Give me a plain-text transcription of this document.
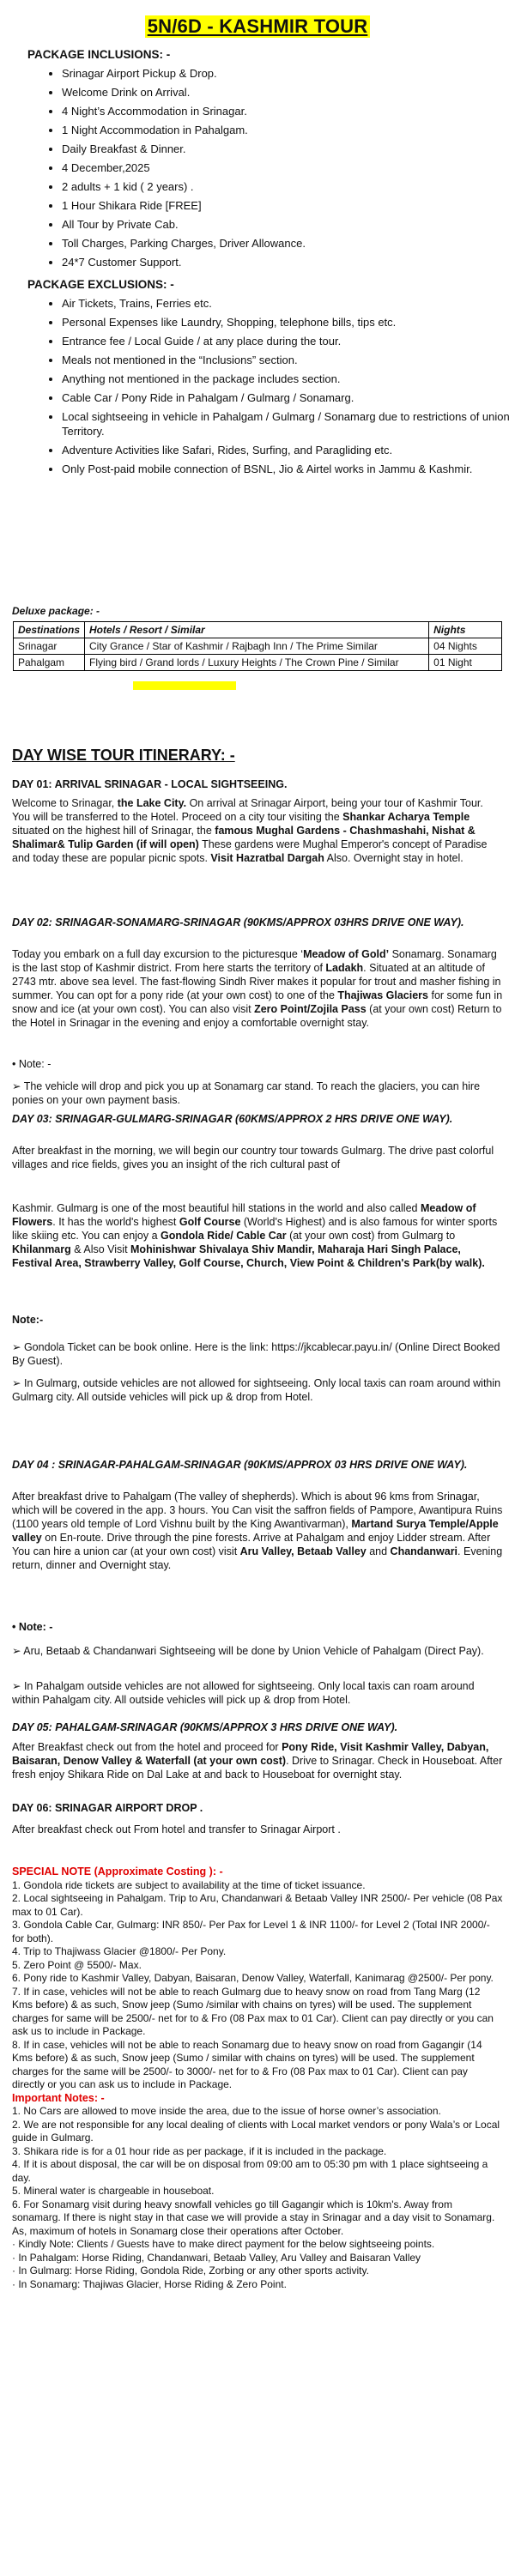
5N/6D - KASHMIR TOUR
PACKAGE INCLUSIONS: -
• Srinagar Airport Pickup & Drop.
• Welcome Drink on Arrival.
• 4 Night’s Accommodation in Srinagar.
• 1 Night Accommodation in Pahalgam.
• Daily Breakfast & Dinner.
• 4 December,2025
• 2 adults + 1 kid ( 2 years) .
• 1 Hour Shikara Ride [FREE]
• All Tour by Private Cab.
• Toll Charges, Parking Charges, Driver Allowance.
• 24*7 Customer Support.
PACKAGE EXCLUSIONS: -
• Air Tickets, Trains, Ferries etc.
• Personal Expenses like Laundry, Shopping, telephone bills, tips etc.
• Entrance fee / Local Guide / at any place during the tour.
• Meals not mentioned in the “Inclusions” section.
• Anything not mentioned in the package includes section.
• Cable Car / Pony Ride in Pahalgam / Gulmarg / Sonamarg.
• Local sightseeing in vehicle in Pahalgam / Gulmarg / Sonamarg due to restrictions of union Territory.
• Adventure Activities like Safari, Rides, Surfing, and Paragliding etc.
• Only Post-paid mobile connection of BSNL, Jio & Airtel works in Jammu & Kashmir.
Deluxe package: -
Destinations	Hotels / Resort / Similar	Nights
Srinagar	City Grance / Star of Kashmir / Rajbagh Inn / The Prime Similar	04 Nights
Pahalgam	Flying bird / Grand lords / Luxury Heights / The Crown Pine / Similar	01 Night
DAY WISE TOUR ITINERARY: -
DAY 01: ARRIVAL SRINAGAR - LOCAL SIGHTSEEING.
Welcome to Srinagar, the Lake City. On arrival at Srinagar Airport, being your tour of Kashmir Tour. You will be transferred to the Hotel. Proceed on a city tour visiting the Shankar Acharya Temple situated on the highest hill of Srinagar, the famous Mughal Gardens - Chashmashahi, Nishat & Shalimar& Tulip Garden (if will open) These gardens were Mughal Emperor's concept of Paradise and today these are popular picnic spots. Visit Hazratbal Dargah Also. Overnight stay in hotel.
DAY 02: SRINAGAR-SONAMARG-SRINAGAR (90KMS/APPROX 03HRS DRIVE ONE WAY).
Today you embark on a full day excursion to the picturesque ‘Meadow of Gold’ Sonamarg. Sonamarg is the last stop of Kashmir district. From here starts the territory of Ladakh. Situated at an altitude of 2743 mtr. above sea level. The fast-flowing Sindh River makes it popular for trout and masher fishing in summer. You can opt for a pony ride (at your own cost) to one of the Thajiwas Glaciers for some fun in snow and ice (at your own cost). You can also visit Zero Point/Zojila Pass (at your own cost) Return to the Hotel in Srinagar in the evening and enjoy a comfortable overnight stay.
• Note: -
➢ The vehicle will drop and pick you up at Sonamarg car stand. To reach the glaciers, you can hire ponies on your own payment basis.
DAY 03: SRINAGAR-GULMARG-SRINAGAR (60KMS/APPROX 2 HRS DRIVE ONE WAY).
After breakfast in the morning, we will begin our country tour towards Gulmarg. The drive past colorful villages and rice fields, gives you an insight of the rich cultural past of
Kashmir. Gulmarg is one of the most beautiful hill stations in the world and also called Meadow of Flowers. It has the world's highest Golf Course (World's Highest) and is also famous for winter sports like skiing etc. You can enjoy a Gondola Ride/ Cable Car (at your own cost) from Gulmarg to Khilanmarg & Also Visit Mohinishwar Shivalaya Shiv Mandir, Maharaja Hari Singh Palace, Festival Area, Strawberry Valley, Golf Course, Church, View Point & Children's Park(by walk).
Note:-
➢ Gondola Ticket can be book online. Here is the link: https://jkcablecar.payu.in/ (Online Direct Booked By Guest).
➢ In Gulmarg, outside vehicles are not allowed for sightseeing. Only local taxis can roam around within Gulmarg city. All outside vehicles will pick up & drop from Hotel.
DAY 04 : SRINAGAR-PAHALGAM-SRINAGAR (90KMS/APPROX 03 HRS DRIVE ONE WAY).
After breakfast drive to Pahalgam (The valley of shepherds). Which is about 96 kms from Srinagar, which will be covered in the app. 3 hours. You Can visit the saffron fields of Pampore, Awantipura Ruins (1100 years old temple of Lord Vishnu built by the King Awantivarman), Martand Surya Temple/Apple valley on En-route. Drive through the pine forests. Arrive at Pahalgam and enjoy Lidder stream. After You can hire a union car (at your own cost) visit Aru Valley, Betaab Valley and Chandanwari. Evening return, dinner and Overnight stay.
• Note: -
➢ Aru, Betaab & Chandanwari Sightseeing will be done by Union Vehicle of Pahalgam (Direct Pay).
➢ In Pahalgam outside vehicles are not allowed for sightseeing. Only local taxis can roam around within Pahalgam city. All outside vehicles will pick up & drop from Hotel.
DAY 05: PAHALGAM-SRINAGAR (90KMS/APPROX 3 HRS DRIVE ONE WAY).
After Breakfast check out from the hotel and proceed for Pony Ride, Visit Kashmir Valley, Dabyan, Baisaran, Denow Valley & Waterfall (at your own cost). Drive to Srinagar. Check in Houseboat. After fresh enjoy Shikara Ride on Dal Lake at and back to Houseboat for overnight stay.
DAY 06: SRINAGAR AIRPORT DROP .
After breakfast check out From hotel and transfer to Srinagar Airport .
SPECIAL NOTE (Approximate Costing ): -
1. Gondola ride tickets are subject to availability at the time of ticket issuance.
2. Local sightseeing in Pahalgam. Trip to Aru, Chandanwari & Betaab Valley INR 2500/- Per vehicle (08 Pax max to 01 Car).
3. Gondola Cable Car, Gulmarg: INR 850/- Per Pax for Level 1 & INR 1100/- for Level 2 (Total INR 2000/- for both).
4. Trip to Thajiwass Glacier @1800/- Per Pony.
5. Zero Point @ 5500/- Max.
6. Pony ride to Kashmir Valley, Dabyan, Baisaran, Denow Valley, Waterfall, Kanimarag @2500/- Per pony.
7. If in case, vehicles will not be able to reach Gulmarg due to heavy snow on road from Tang Marg (12 Kms before) & as such, Snow jeep (Sumo /similar with chains on tyres) will be used. The supplement charges for same will be 2500/- net for to & Fro (08 Pax max to 01 Car). Client can pay directly or you can ask us to include in Package.
8. If in case, vehicles will not be able to reach Sonamarg due to heavy snow on road from Gagangir (14 Kms before) & as such, Snow jeep (Sumo / similar with chains on tyres) will be used. The supplement charges for the same will be 2500/- to 3000/- net for to & Fro (08 Pax max to 01 Car). Client can pay directly or you can ask us to include in Package.
Important Notes: -
1. No Cars are allowed to move inside the area, due to the issue of horse owner’s association.
2. We are not responsible for any local dealing of clients with Local market vendors or pony Wala’s or Local guide in Gulmarg.
3. Shikara ride is for a 01 hour ride as per package, if it is included in the package.
4. If it is about disposal, the car will be on disposal from 09:00 am to 05:30 pm with 1 place sightseeing a day.
5. Mineral water is chargeable in houseboat.
6. For Sonamarg visit during heavy snowfall vehicles go till Gagangir which is 10km's. Away from sonamarg. If there is night stay in that case we will provide a stay in Srinagar and a day visit to Sonamarg. As, maximum of hotels in Sonamarg close their operations after October.
· Kindly Note: Clients / Guests have to make direct payment for the below sightseeing points.
· In Pahalgam: Horse Riding, Chandanwari, Betaab Valley, Aru Valley and Baisaran Valley
· In Gulmarg: Horse Riding, Gondola Ride, Zorbing or any other sports activity.
· In Sonamarg: Thajiwas Glacier, Horse Riding & Zero Point.
